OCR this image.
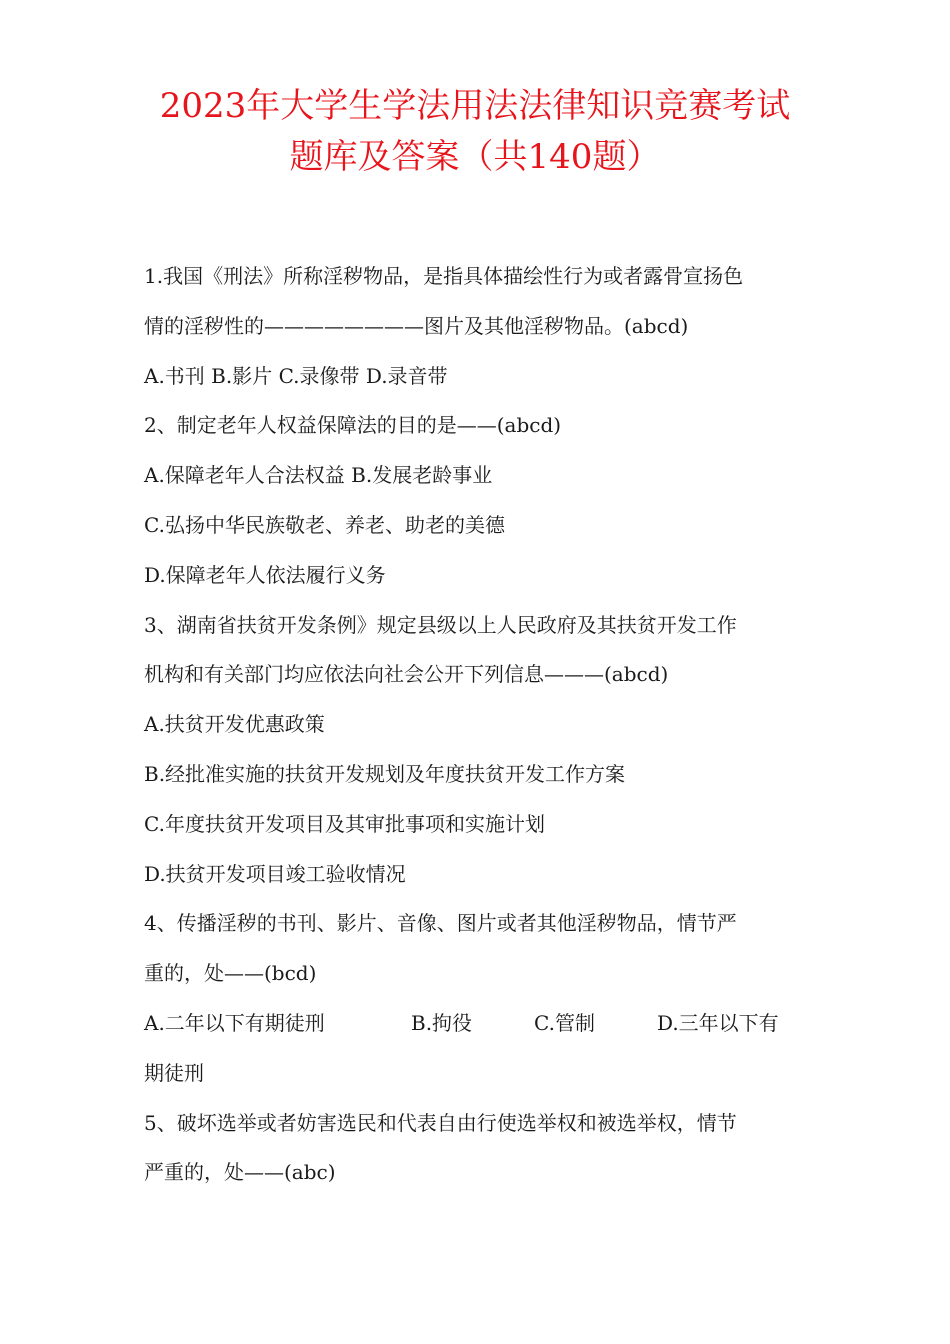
2023年大学生学法用法法律知识竞赛考试
题库及答案（共140题）
1.我国《刑法》所称淫秽物品，是指具体描绘性行为或者露骨宣扬色
情的淫秽性的————————图片及其他淫秽物品。(abcd)
A.书刊 B.影片 C.录像带 D.录音带
2、制定老年人权益保障法的目的是——(abcd)
A.保障老年人合法权益 B.发展老龄事业
C.弘扬中华民族敬老、养老、助老的美德
D.保障老年人依法履行义务
3、湖南省扶贫开发条例》规定县级以上人民政府及其扶贫开发工作
机构和有关部门均应依法向社会公开下列信息———(abcd)
A.扶贫开发优惠政策
B.经批准实施的扶贫开发规划及年度扶贫开发工作方案
C.年度扶贫开发项目及其审批事项和实施计划
D.扶贫开发项目竣工验收情况
4、传播淫秽的书刊、影片、音像、图片或者其他淫秽物品，情节严
重的，处——(bcd)
A.二年以下有期徒刑	B.拘役	C.管制	D.三年以下有
期徒刑
5、破坏选举或者妨害选民和代表自由行使选举权和被选举权，情节
严重的，处——(abc)
